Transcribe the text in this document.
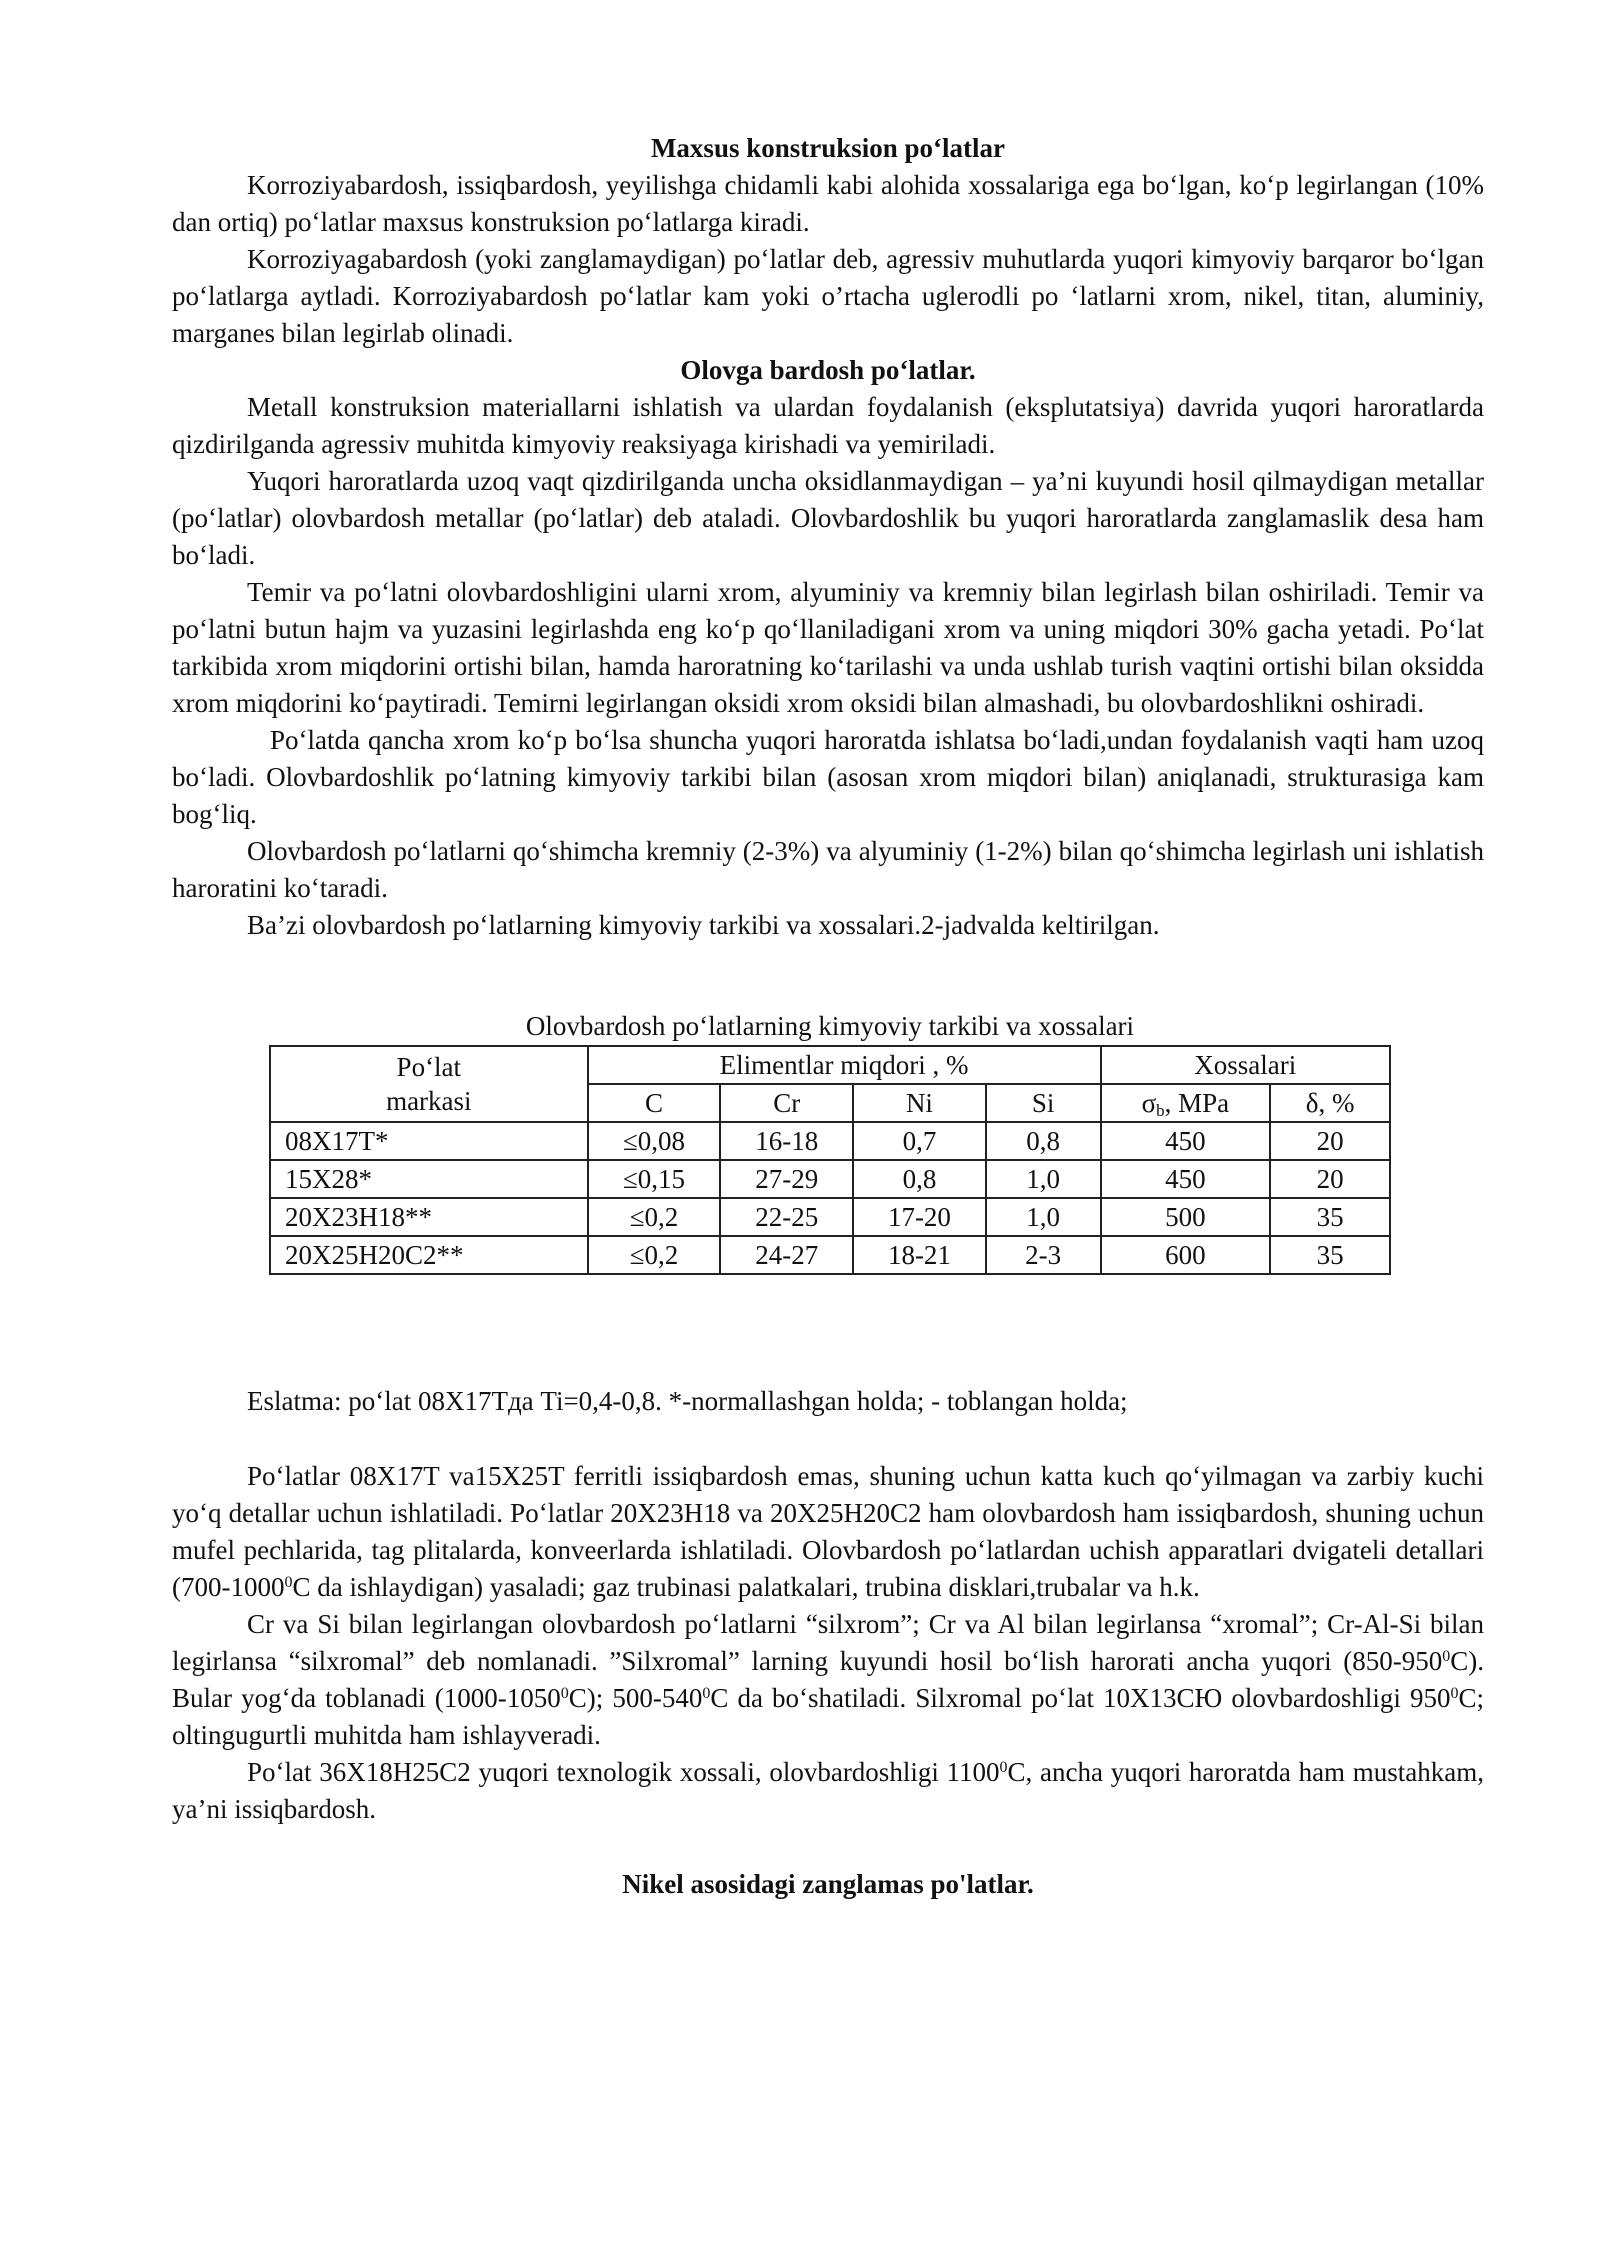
Maxsus konstruksion po‘latlar

Korroziyabardosh, issiqbardosh, yeyilishga chidamli kabi alohida xossalariga ega bo‘lgan, ko‘p legirlangan (10% dan ortiq) po‘latlar maxsus konstruksion po‘latlarga kiradi.

Korroziyagabardosh (yoki zanglamaydigan) po‘latlar deb, agressiv muhutlarda yuqori kimyoviy barqaror bo‘lgan po‘latlarga aytladi. Korroziyabardosh po‘latlar kam yoki o’rtacha uglerodli po ‘latlarni xrom, nikel, titan, aluminiy, marganes bilan legirlab olinadi.

Olovga bardosh po‘latlar.

Metall konstruksion materiallarni ishlatish va ulardan foydalanish (eksplutatsiya) davrida yuqori haroratlarda qizdirilganda agressiv muhitda kimyoviy reaksiyaga kirishadi va yemiriladi.

Yuqori haroratlarda uzoq vaqt qizdirilganda uncha oksidlanmaydigan – ya’ni kuyundi hosil qilmaydigan metallar (po‘latlar) olovbardosh metallar (po‘latlar) deb ataladi. Olovbardoshlik bu yuqori haroratlarda zanglamaslik desa ham bo‘ladi.

Temir va po‘latni olovbardoshligini ularni xrom, alyuminiy va kremniy bilan legirlash bilan oshiriladi. Temir va po‘latni butun hajm va yuzasini legirlashda eng ko‘p qo‘llaniladigani xrom va uning miqdori 30% gacha yetadi. Po‘lat tarkibida xrom miqdorini ortishi bilan, hamda haroratning ko‘tarilashi va unda ushlab turish vaqtini ortishi bilan oksidda xrom miqdorini ko‘paytiradi. Temirni legirlangan oksidi xrom oksidi bilan almashadi, bu olovbardoshlikni oshiradi.

Po‘latda qancha xrom ko‘p bo‘lsa shuncha yuqori haroratda ishlatsa bo‘ladi,undan foydalanish vaqti ham uzoq bo‘ladi. Olovbardoshlik po‘latning kimyoviy tarkibi bilan (asosan xrom miqdori bilan) aniqlanadi, strukturasiga kam bog‘liq.

Olovbardosh po‘latlarni qo‘shimcha kremniy (2-3%) va alyuminiy (1-2%) bilan qo‘shimcha legirlash uni ishlatish haroratini ko‘taradi.

Ba’zi olovbardosh po‘latlarning kimyoviy tarkibi va xossalari.2-jadvalda keltirilgan.

Olovbardosh po‘latlarning kimyoviy tarkibi va xossalari

Po‘lat
markasi	Elimentlar miqdori , %				Xossalari	
	C	Cr	Ni	Si	$\sigma_b$, MPa	δ, %
08X17T*	≤0,08	16-18	0,7	0,8	450	20
15X28*	≤0,15	27-29	0,8	1,0	450	20
20X23H18**	≤0,2	22-25	17-20	1,0	500	35
20X25H20C2**	≤0,2	24-27	18-21	2-3	600	35

Eslatma: po‘lat 08X17Тда Ti=0,4-0,8. *-normallashgan holda; - toblangan holda;

Po‘latlar 08X17T va15X25T ferritli issiqbardosh emas, shuning uchun katta kuch qo‘yilmagan va zarbiy kuchi yo‘q detallar uchun ishlatiladi. Po‘latlar 20X23H18 va 20X25H20C2 ham olovbardosh ham issiqbardosh, shuning uchun mufel pechlarida, tag plitalarda, konveerlarda ishlatiladi. Olovbardosh po‘latlardan uchish apparatlari dvigateli detallari (700-1000$^0$C da ishlaydigan) yasaladi; gaz trubinasi palatkalari, trubina disklari,trubalar va h.k.

Cr va Si bilan legirlangan olovbardosh po‘latlarni “silxrom”; Cr va Al bilan legirlansa “xromal”; Cr-Al-Si bilan legirlansa “silxromal” deb nomlanadi. ”Silxromal” larning kuyundi hosil bo‘lish harorati ancha yuqori $(850-950^0C)$. Bular yog‘da toblanadi (1000-1050$^0$C); $500-540^0C$ da bo‘shatiladi. Silxromal po‘lat 10X13CЮ olovbardoshligi $950^0C$; oltingugurtli muhitda ham ishlayveradi.

Po‘lat 36X18H25C2 yuqori texnologik xossali, olovbardoshligi 1100$^0$C, ancha yuqori haroratda ham mustahkam, ya’ni issiqbardosh.

Nikel asosidagi zanglamas po'latlar.
